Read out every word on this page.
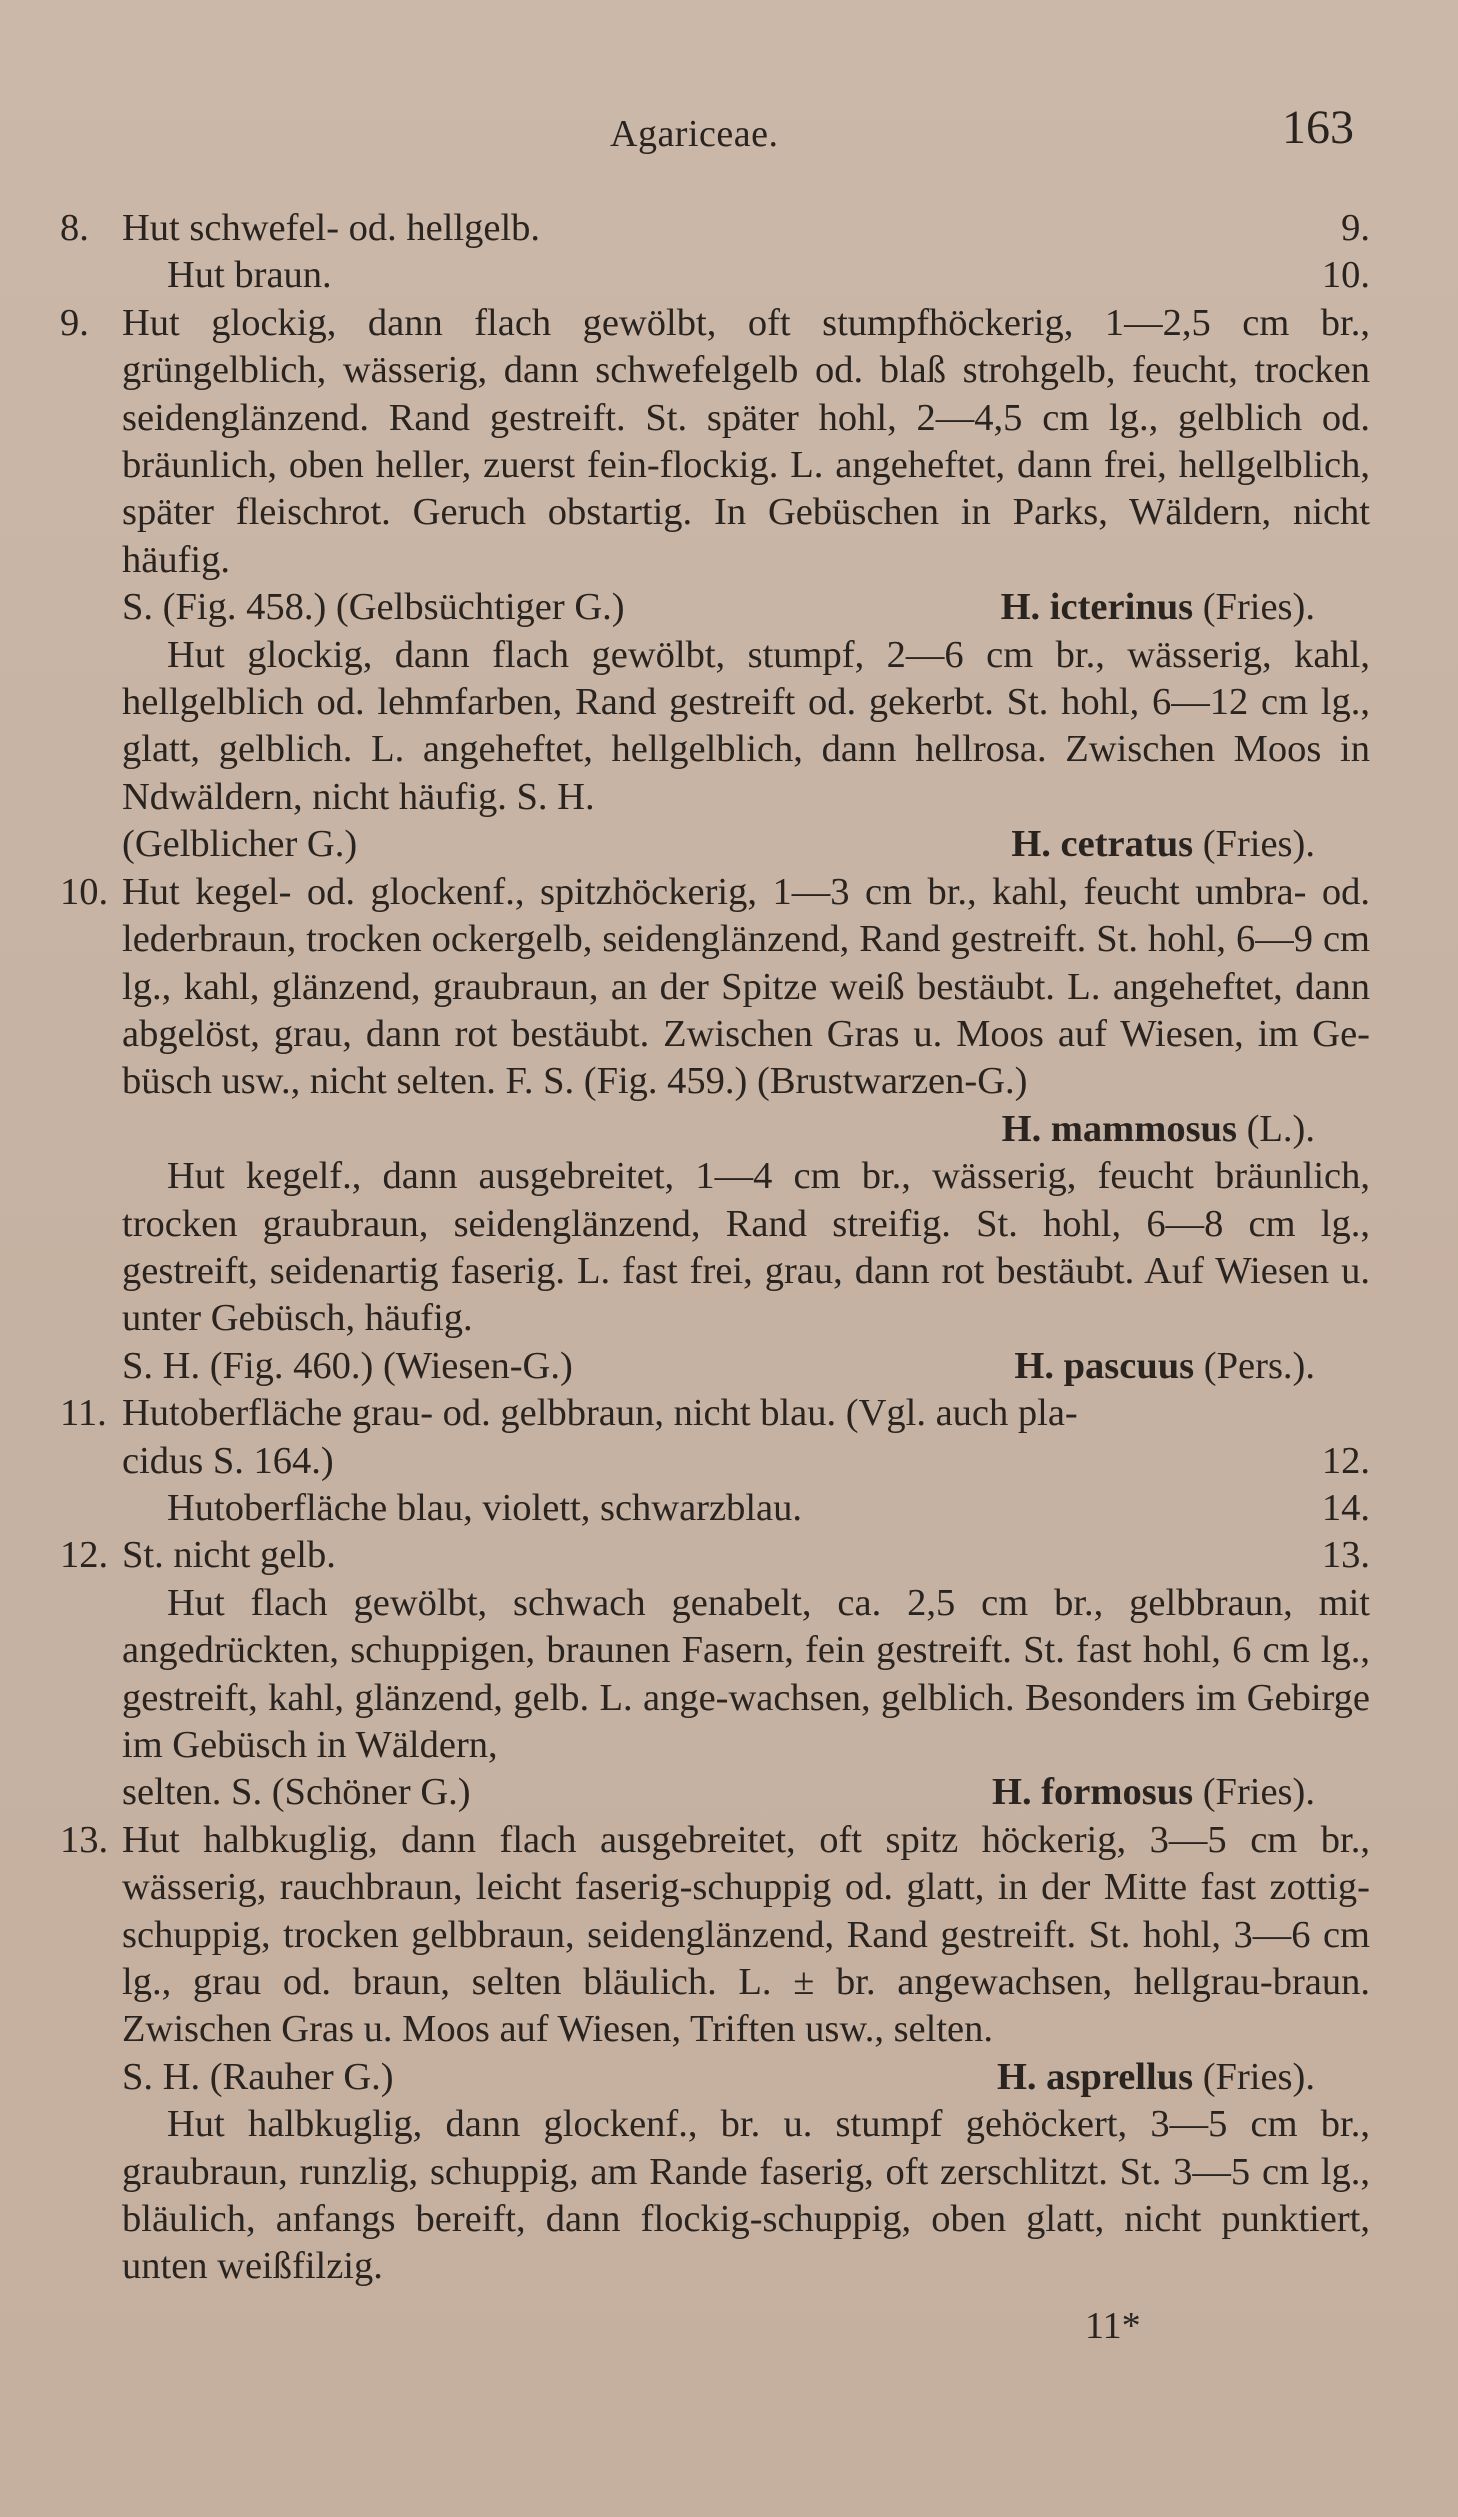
Agariceae.	163
8. Hut schwefel- od. hellgelb.	9.
Hut braun.	10.
9. Hut glockig, dann flach gewölbt, oft stumpfhöckerig, 1—2,5 cm br., grüngelblich, wässerig, dann schwefelgelb od. blaß strohgelb, feucht, trocken seidenglänzend. Rand gestreift. St. später hohl, 2—4,5 cm lg., gelblich od. bräunlich, oben heller, zuerst fein-flockig. L. angeheftet, dann frei, hellgelblich, später fleischrot. Geruch obstartig. In Gebüschen in Parks, Wäldern, nicht häufig.
S. (Fig. 458.) (Gelbsüchtiger G.)	H. icterinus (Fries).
Hut glockig, dann flach gewölbt, stumpf, 2—6 cm br., wässerig, kahl, hellgelblich od. lehmfarben, Rand gestreift od. gekerbt. St. hohl, 6—12 cm lg., glatt, gelblich. L. angeheftet, hellgelblich, dann hellrosa. Zwischen Moos in Ndwäldern, nicht häufig. S. H.
(Gelblicher G.)	H. cetratus (Fries).
10. Hut kegel- od. glockenf., spitzhöckerig, 1—3 cm br., kahl, feucht umbra- od. lederbraun, trocken ockergelb, seidenglänzend, Rand gestreift. St. hohl, 6—9 cm lg., kahl, glänzend, graubraun, an der Spitze weiß bestäubt. L. angeheftet, dann abgelöst, grau, dann rot bestäubt. Zwischen Gras u. Moos auf Wiesen, im Ge-büsch usw., nicht selten. F. S. (Fig. 459.) (Brustwarzen-G.)
H. mammosus (L.).
Hut kegelf., dann ausgebreitet, 1—4 cm br., wässerig, feucht bräunlich, trocken graubraun, seidenglänzend, Rand streifig. St. hohl, 6—8 cm lg., gestreift, seidenartig faserig. L. fast frei, grau, dann rot bestäubt. Auf Wiesen u. unter Gebüsch, häufig.
S. H. (Fig. 460.) (Wiesen-G.)	H. pascuus (Pers.).
11. Hutoberfläche grau- od. gelbbraun, nicht blau. (Vgl. auch pla-
cidus S. 164.)	12.
Hutoberfläche blau, violett, schwarzblau.	14.
12. St. nicht gelb.	13.
Hut flach gewölbt, schwach genabelt, ca. 2,5 cm br., gelbbraun, mit angedrückten, schuppigen, braunen Fasern, fein gestreift. St. fast hohl, 6 cm lg., gestreift, kahl, glänzend, gelb. L. ange-wachsen, gelblich. Besonders im Gebirge im Gebüsch in Wäldern,
selten. S. (Schöner G.)	H. formosus (Fries).
13. Hut halbkuglig, dann flach ausgebreitet, oft spitz höckerig, 3—5 cm br., wässerig, rauchbraun, leicht faserig-schuppig od. glatt, in der Mitte fast zottig-schuppig, trocken gelbbraun, seidenglänzend, Rand gestreift. St. hohl, 3—6 cm lg., grau od. braun, selten bläulich. L. ± br. angewachsen, hellgrau-braun. Zwischen Gras u. Moos auf Wiesen, Triften usw., selten.
S. H. (Rauher G.)	H. asprellus (Fries).
Hut halbkuglig, dann glockenf., br. u. stumpf gehöckert, 3—5 cm br., graubraun, runzlig, schuppig, am Rande faserig, oft zerschlitzt. St. 3—5 cm lg., bläulich, anfangs bereift, dann flockig-schuppig, oben glatt, nicht punktiert, unten weißfilzig.
11*
